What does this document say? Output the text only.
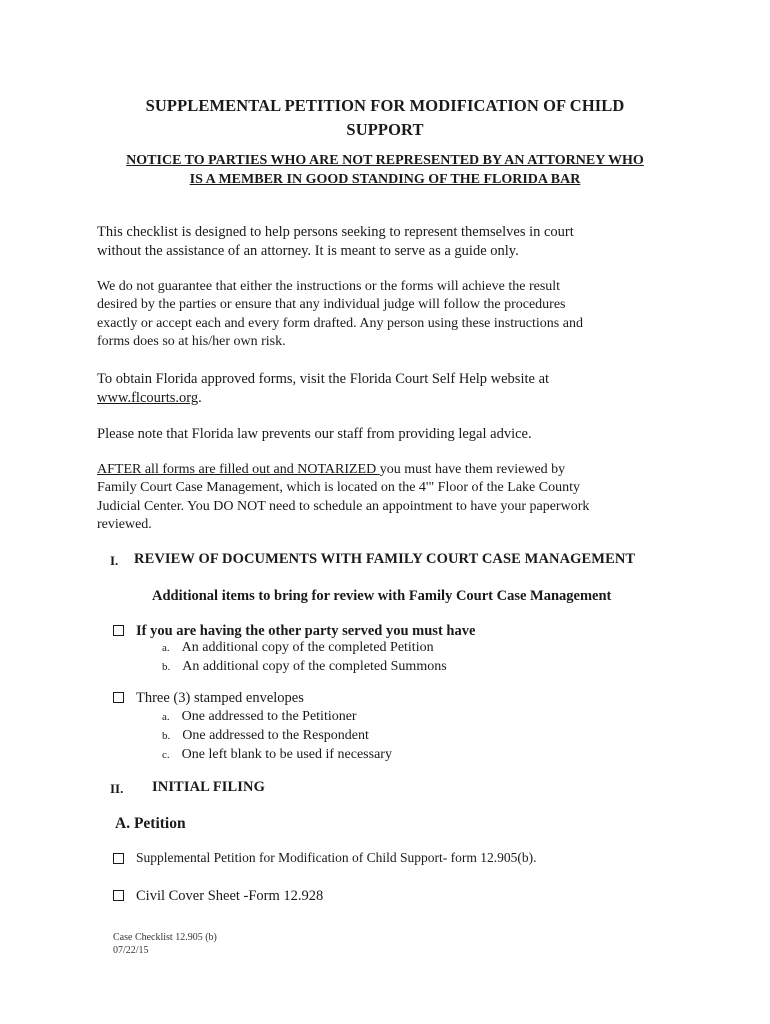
SUPPLEMENTAL PETITION FOR MODIFICATION OF CHILD
SUPPORT
NOTICE TO PARTIES WHO ARE NOT REPRESENTED BY AN ATTORNEY WHO
IS A MEMBER IN GOOD STANDING OF THE FLORIDA BAR
This checklist is designed to help persons seeking to represent themselves in court
without the assistance of an attorney. It is meant to serve as a guide only.
We do not guarantee that either the instructions or the forms will achieve the result
desired by the parties or ensure that any individual judge will follow the procedures
exactly or accept each and every form drafted. Any person using these instructions and
forms does so at his/her own risk.
To obtain Florida approved forms, visit the Florida Court Self Help website at
www.flcourts.org.
Please note that Florida law prevents our staff from providing legal advice.
AFTER all forms are filled out and NOTARIZED you must have them reviewed by
Family Court Case Management, which is located on the 4'" Floor of the Lake County
Judicial Center. You DO NOT need to schedule an appointment to have your paperwork
reviewed.
I. REVIEW OF DOCUMENTS WITH FAMILY COURT CASE MANAGEMENT
Additional items to bring for review with Family Court Case Management
If you are having the other party served you must have
a. An additional copy of the completed Petition
b. An additional copy of the completed Summons
Three (3) stamped envelopes
a. One addressed to the Petitioner
b. One addressed to the Respondent
c. One left blank to be used if necessary
II. INITIAL FILING
A. Petition
Supplemental Petition for Modification of Child Support- form 12.905(b).
Civil Cover Sheet -Form 12.928
Case Checklist 12.905 (b)
07/22/15
